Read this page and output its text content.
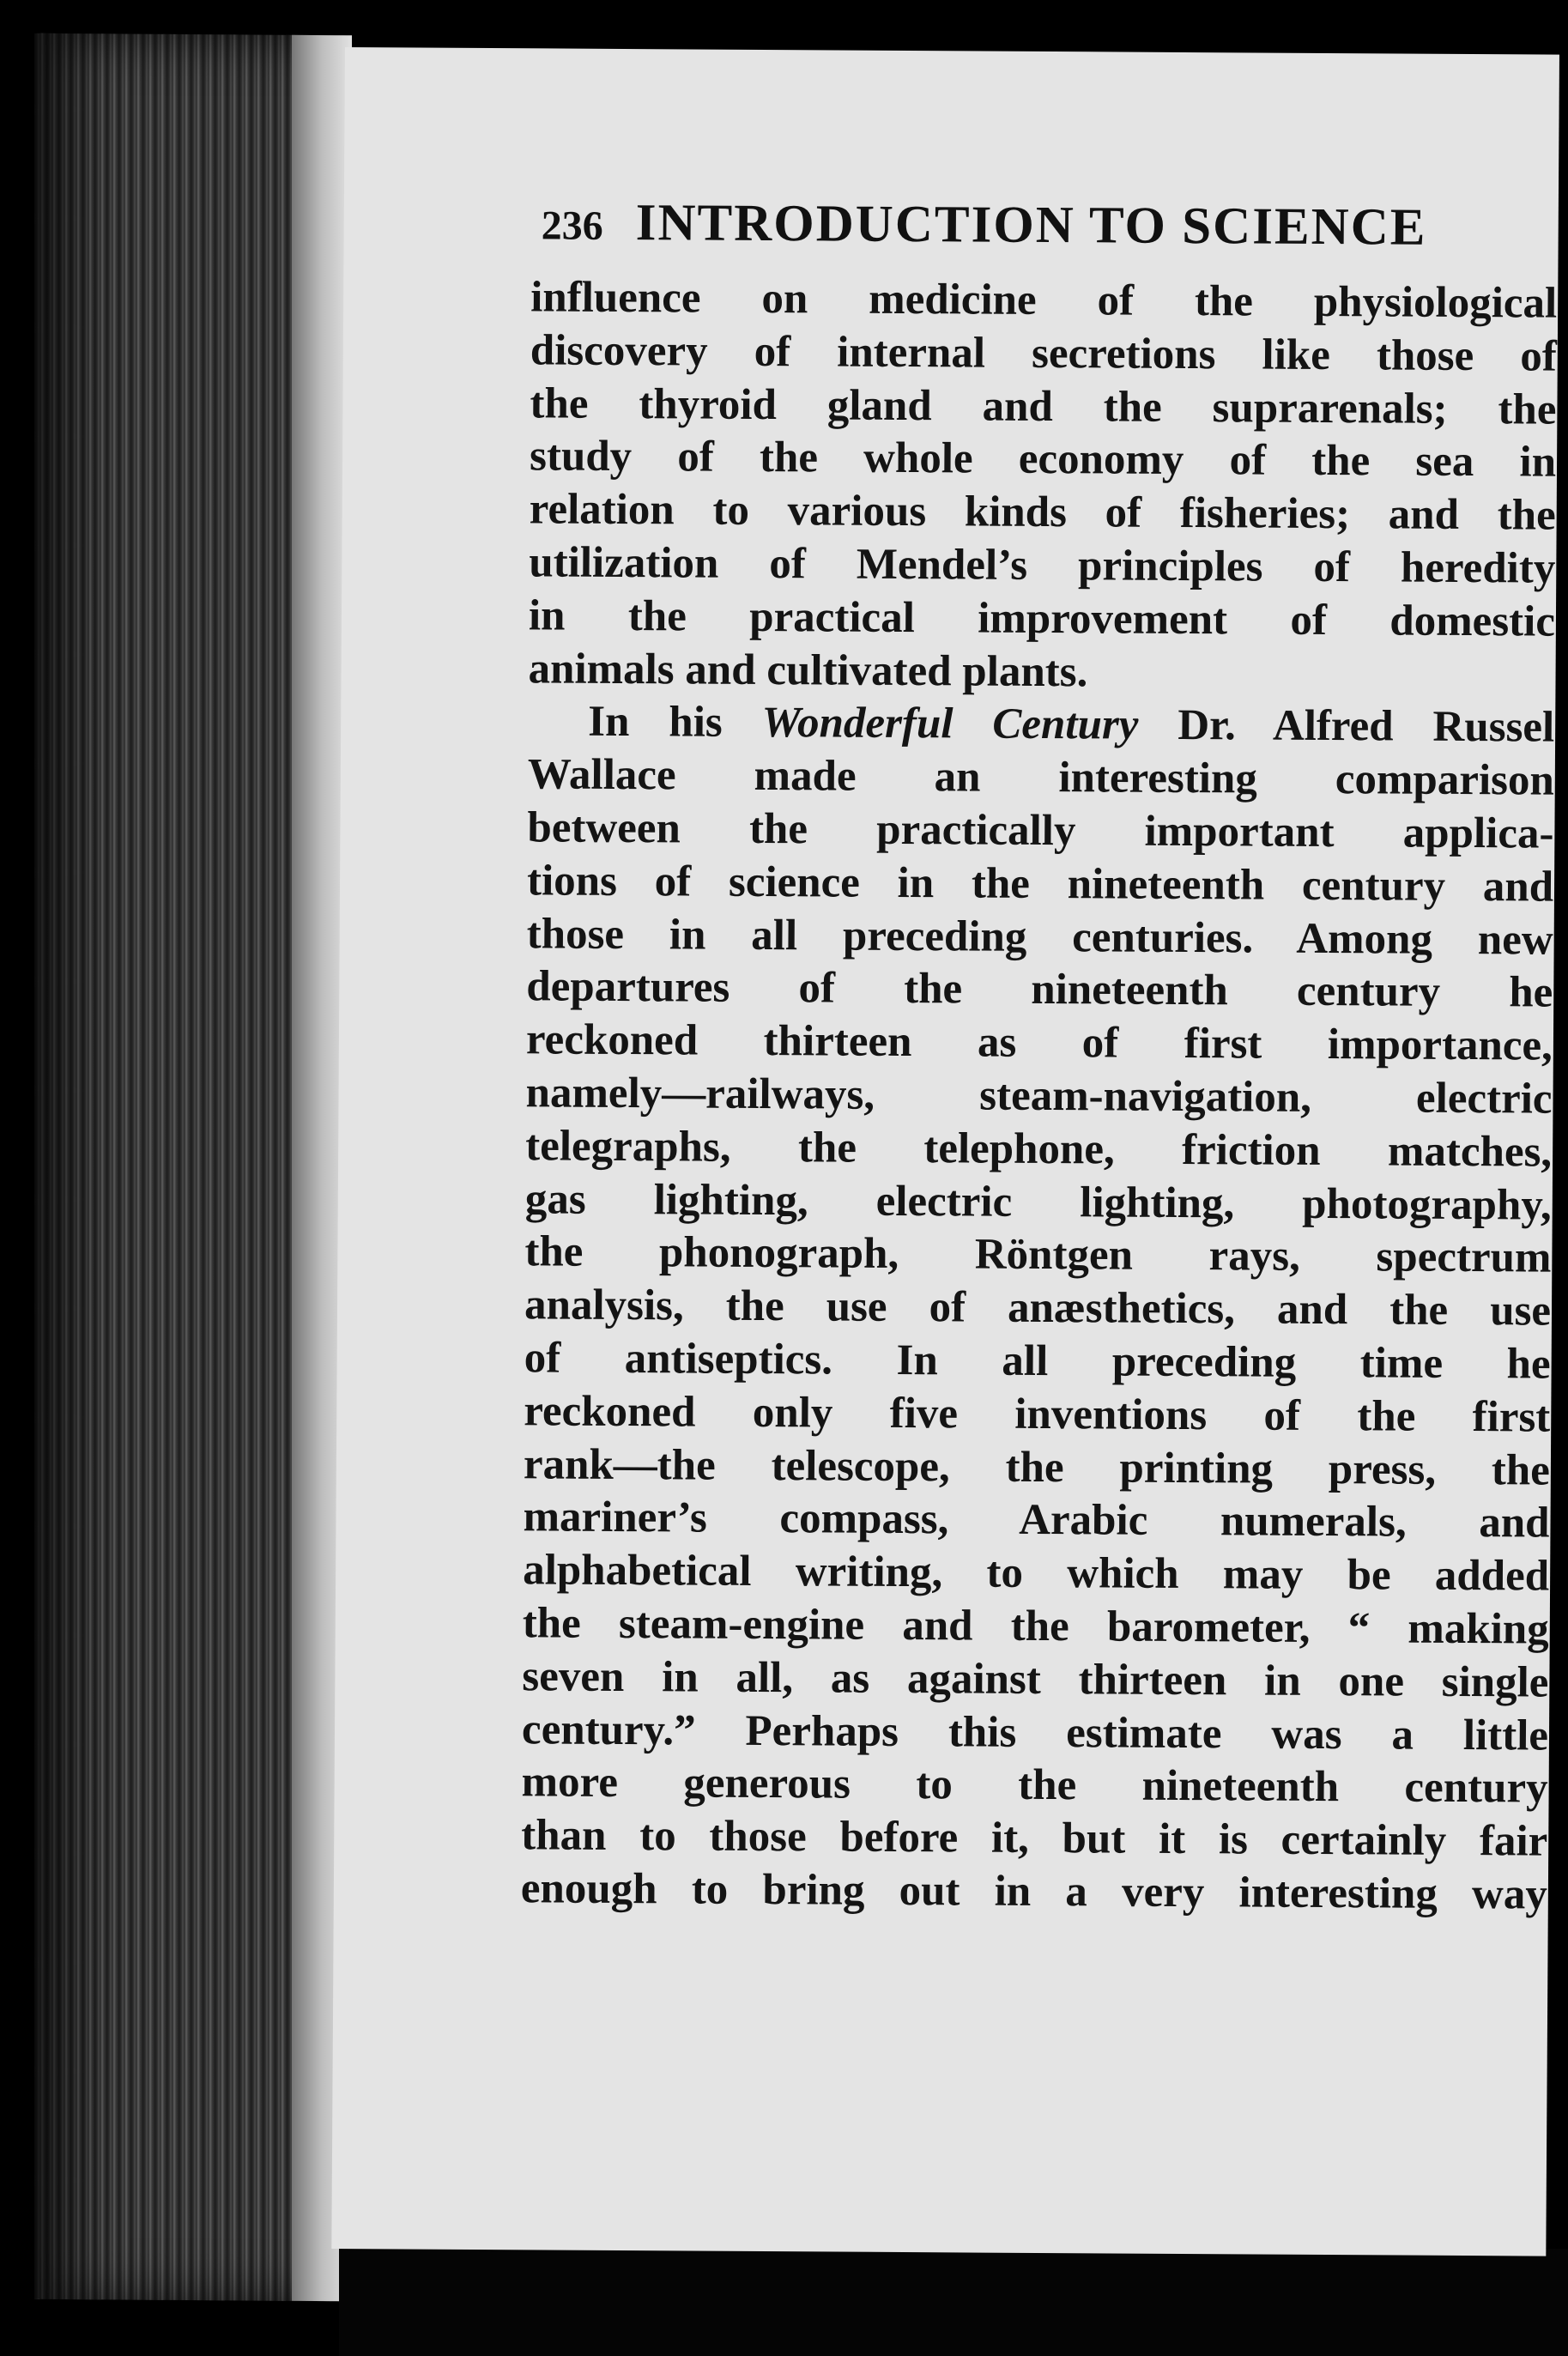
236 INTRODUCTION TO SCIENCE
influence on medicine of the physiological
discovery of internal secretions like those of
the thyroid gland and the suprarenals; the
study of the whole economy of the sea in
relation to various kinds of fisheries; and the
utilization of Mendel’s principles of heredity
in the practical improvement of domestic
animals and cultivated plants.
In his Wonderful Century Dr. Alfred Russel
Wallace made an interesting comparison
between the practically important applica-
tions of science in the nineteenth century and
those in all preceding centuries. Among new
departures of the nineteenth century he
reckoned thirteen as of first importance,
namely—railways, steam-navigation, electric
telegraphs, the telephone, friction matches,
gas lighting, electric lighting, photography,
the phonograph, Röntgen rays, spectrum
analysis, the use of anæsthetics, and the use
of antiseptics. In all preceding time he
reckoned only five inventions of the first
rank—the telescope, the printing press, the
mariner’s compass, Arabic numerals, and
alphabetical writing, to which may be added
the steam-engine and the barometer, “ making
seven in all, as against thirteen in one single
century.” Perhaps this estimate was a little
more generous to the nineteenth century
than to those before it, but it is certainly fair
enough to bring out in a very interesting way
